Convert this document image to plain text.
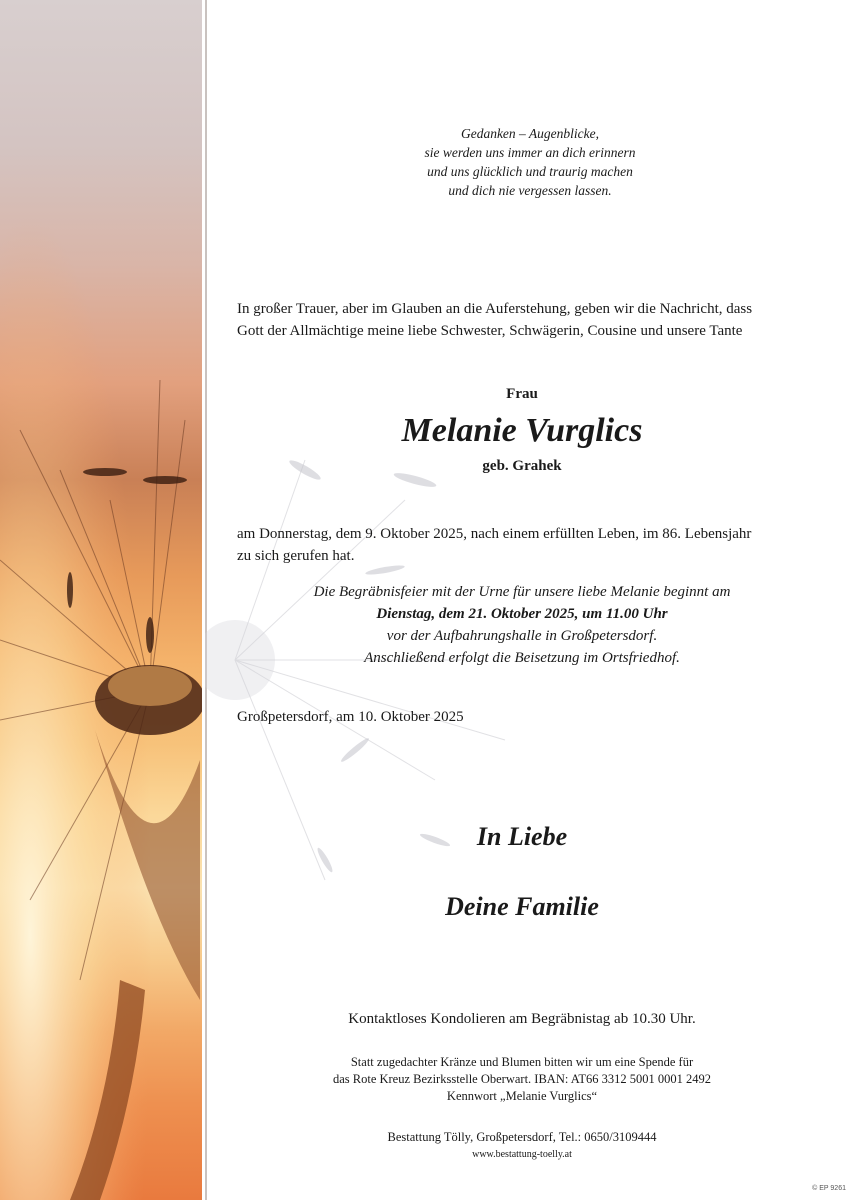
Gedanken – Augenblicke,
sie werden uns immer an dich erinnern
und uns glücklich und traurig machen
und dich nie vergessen lassen.
In großer Trauer, aber im Glauben an die Auferstehung, geben wir die Nachricht, dass
Gott der Allmächtige meine liebe Schwester, Schwägerin, Cousine und unsere Tante
Frau
Melanie Vurglics
geb. Grahek
am Donnerstag, dem 9. Oktober 2025, nach einem erfüllten Leben, im 86. Lebensjahr
zu sich gerufen hat.
Die Begräbnisfeier mit der Urne für unsere liebe Melanie beginnt am
Dienstag, dem 21. Oktober 2025, um 11.00 Uhr
vor der Aufbahrungshalle in Großpetersdorf.
Anschließend erfolgt die Beisetzung im Ortsfriedhof.
Großpetersdorf, am 10. Oktober 2025
In Liebe
Deine Familie
Kontaktloses Kondolieren am Begräbnistag ab 10.30 Uhr.
Statt zugedachter Kränze und Blumen bitten wir um eine Spende für
das Rote Kreuz Bezirksstelle Oberwart. IBAN: AT66 3312 5001 0001 2492
Kennwort „Melanie Vurglics“
Bestattung Tölly, Großpetersdorf, Tel.: 0650/3109444
www.bestattung-toelly.at
© EP 9261
